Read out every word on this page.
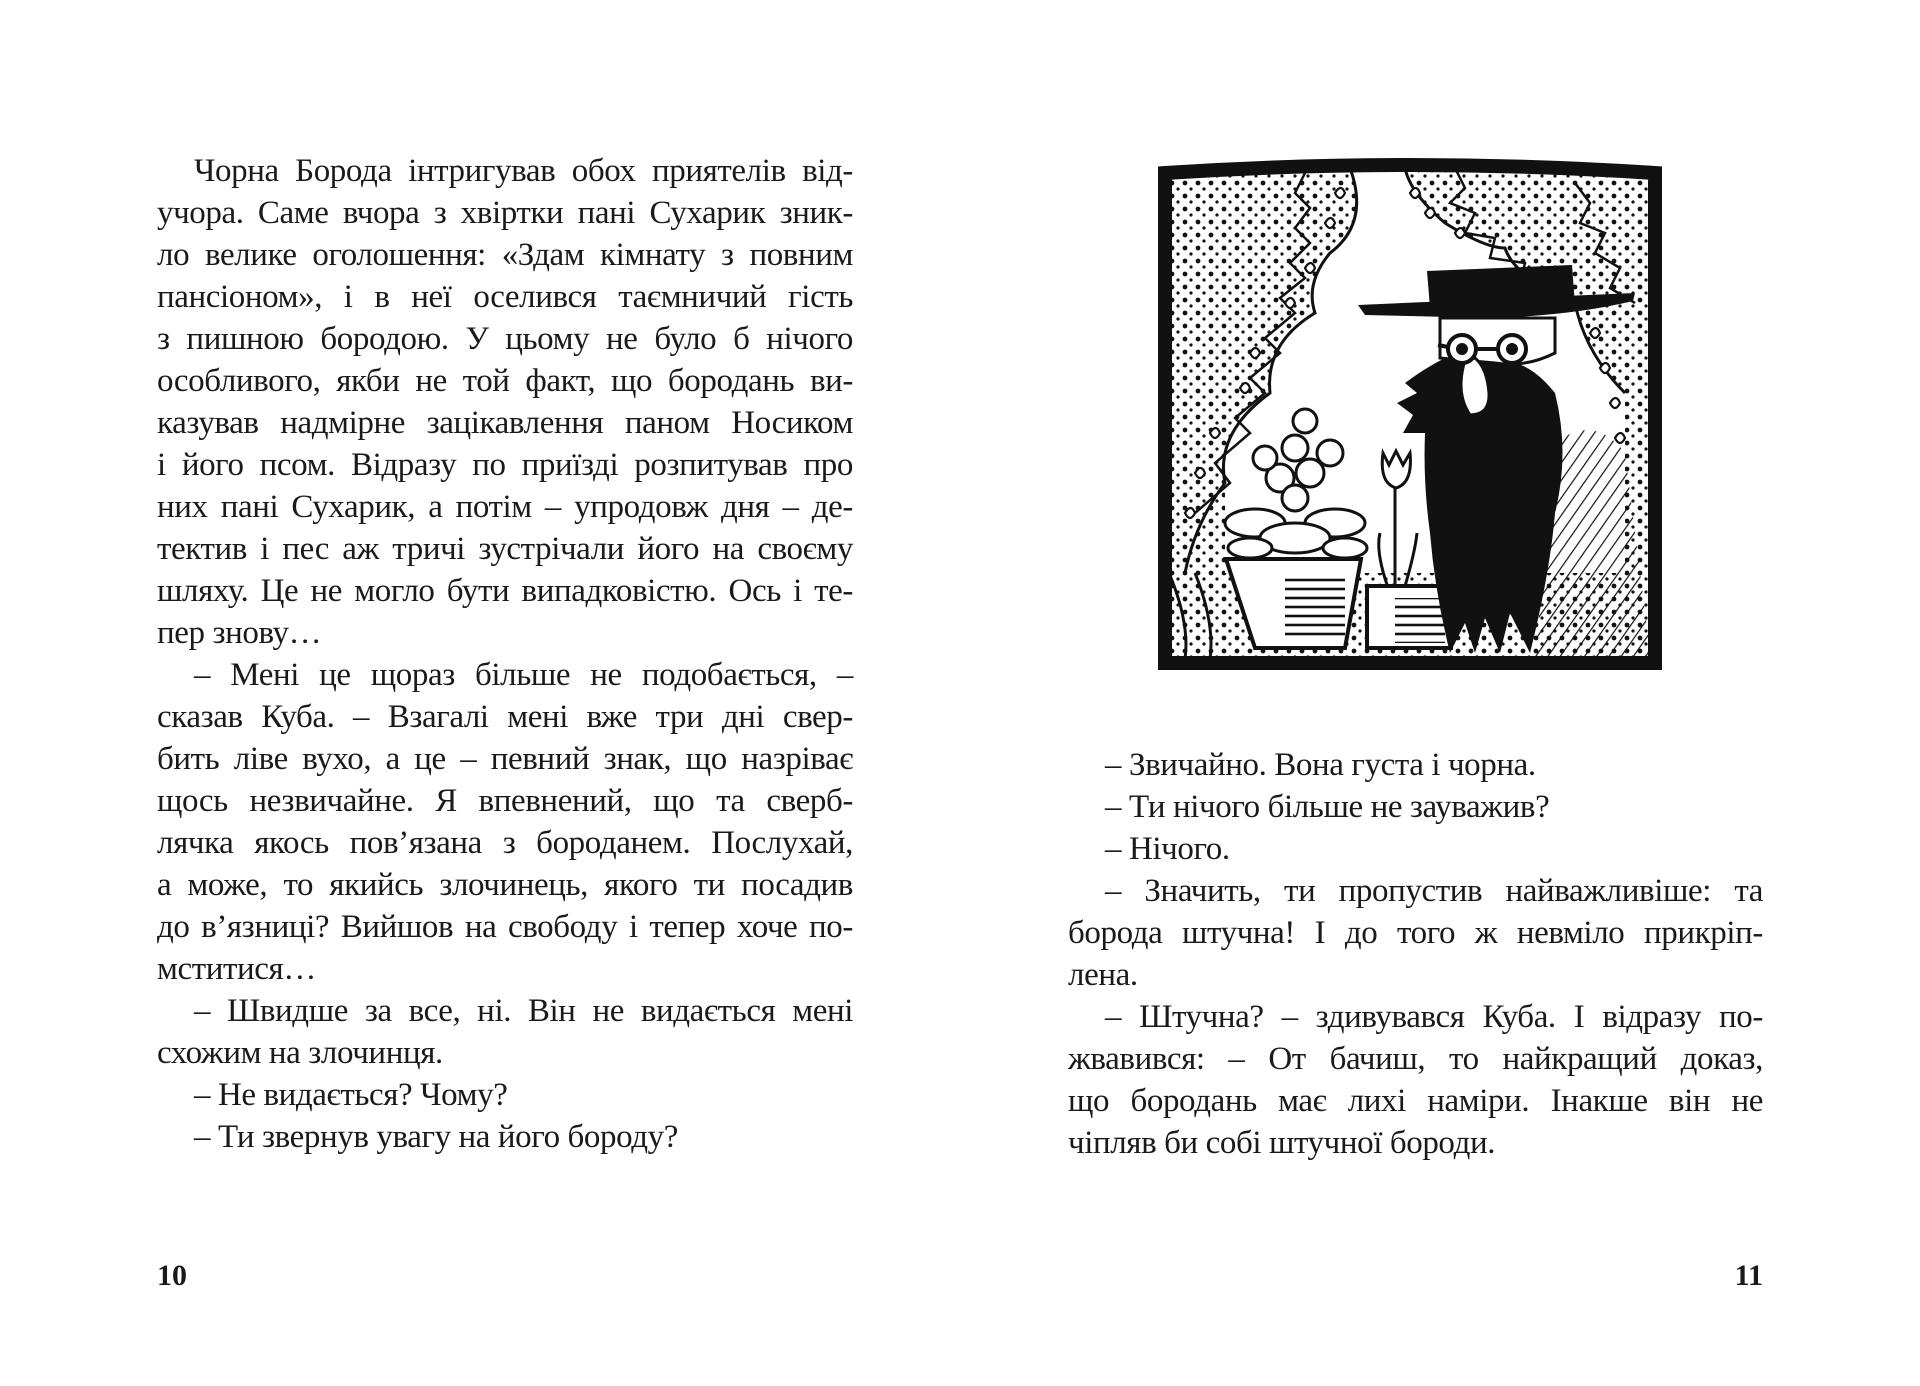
Чорна Борода інтригував обох приятелів від-
учора. Саме вчора з хвіртки пані Сухарик зник-
ло велике оголошення: «Здам кімнату з повним
пансіоном», і в неї оселився таємничий гість
з пишною бородою. У цьому не було б нічого
особливого, якби не той факт, що бородань ви-
казував надмірне зацікавлення паном Носиком
і його псом. Відразу по приїзді розпитував про
них пані Сухарик, а потім – упродовж дня – де-
тектив і пес аж тричі зустрічали його на своєму
шляху. Це не могло бути випадковістю. Ось і те-
пер знову…
– Мені це щораз більше не подобається, –
сказав Куба. – Взагалі мені вже три дні свер-
бить ліве вухо, а це – певний знак, що назріває
щось незвичайне. Я впевнений, що та сверб-
лячка якось пов’язана з бороданем. Послухай,
а може, то якийсь злочинець, якого ти посадив
до в’язниці? Вийшов на свободу і тепер хоче по-
мститися…
– Швидше за все, ні. Він не видається мені
схожим на злочинця.
– Не видається? Чому?
– Ти звернув увагу на його бороду?
– Звичайно. Вона густа і чорна.
– Ти нічого більше не зауважив?
– Нічого.
– Значить, ти пропустив найважливіше: та
борода штучна! І до того ж невміло прикріп-
лена.
– Штучна? – здивувався Куба. І відразу по-
жвавився: – От бачиш, то найкращий доказ,
що бородань має лихі наміри. Інакше він не
чіпляв би собі штучної бороди.
10	11
